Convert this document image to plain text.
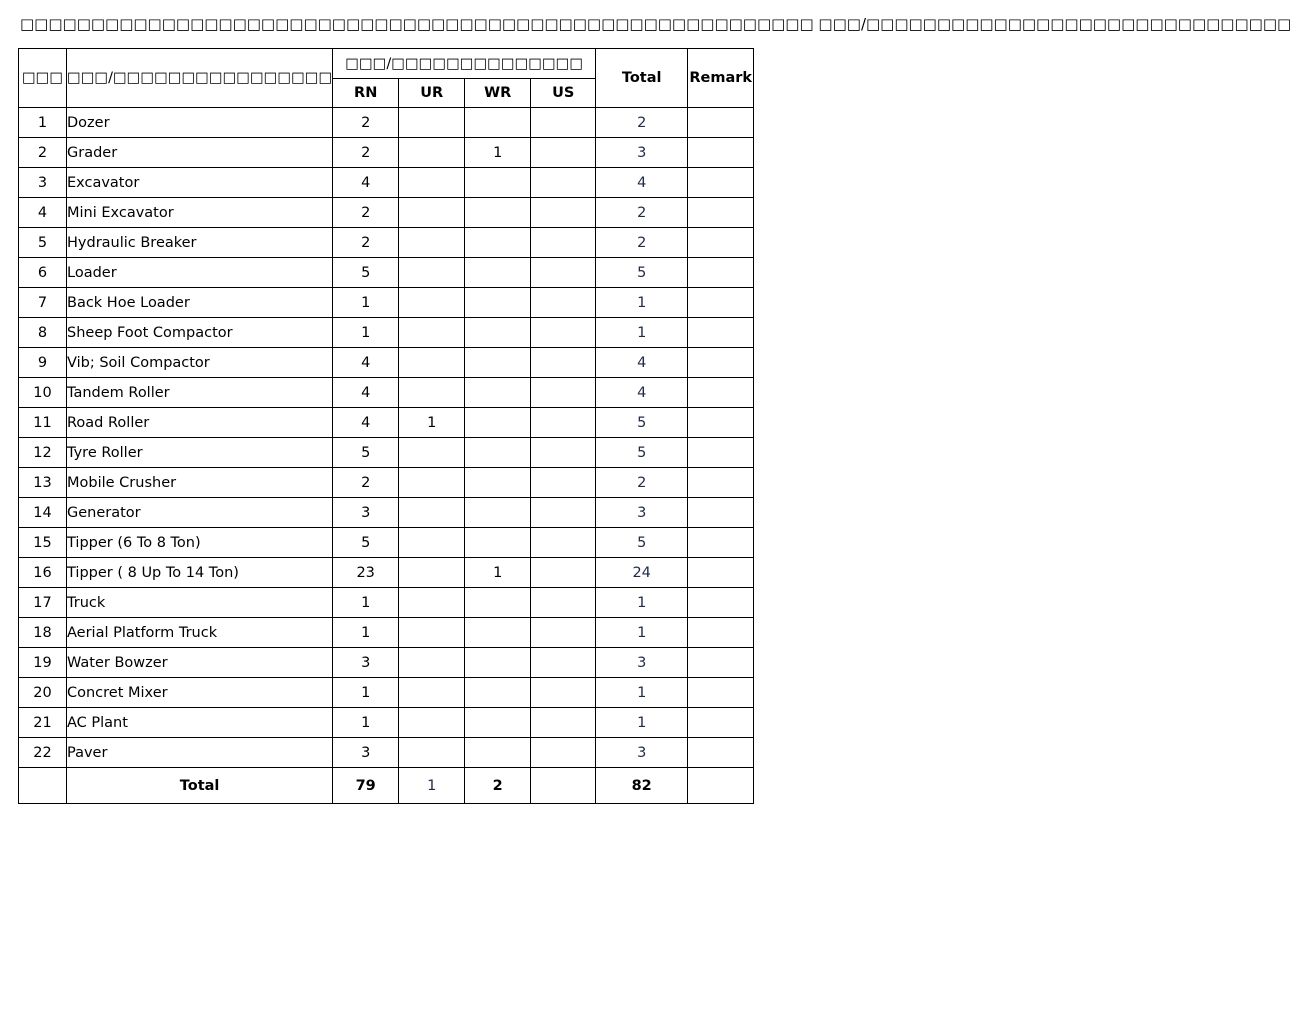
□□□□□□□□□□□□□□□□□□□□□□□□□□□□□□□□□□□□□□□□□□□□□□□□□□□□□□□□ □□□/□□□□□□□□□□□□□□□□□□□□□□□□□□□□□□
□□□	□□□/□□□□□□□□□□□□□□□□	□□□/□□□□□□□□□□□□□□				Total	Remark
		RN	UR	WR	US		
1	Dozer	2				2	
2	Grader	2		1		3	
3	Excavator	4				4	
4	Mini Excavator	2				2	
5	Hydraulic Breaker	2				2	
6	Loader	5				5	
7	Back Hoe Loader	1				1	
8	Sheep Foot Compactor	1				1	
9	Vib; Soil Compactor	4				4	
10	Tandem Roller	4				4	
11	Road Roller	4	1			5	
12	Tyre Roller	5				5	
13	Mobile Crusher	2				2	
14	Generator	3				3	
15	Tipper (6 To 8 Ton)	5				5	
16	Tipper ( 8 Up To 14 Ton)	23		1		24	
17	Truck	1				1	
18	Aerial Platform Truck	1				1	
19	Water Bowzer	3				3	
20	Concret Mixer	1				1	
21	AC Plant	1				1	
22	Paver	3				3	
	Total	79	1	2		82	
